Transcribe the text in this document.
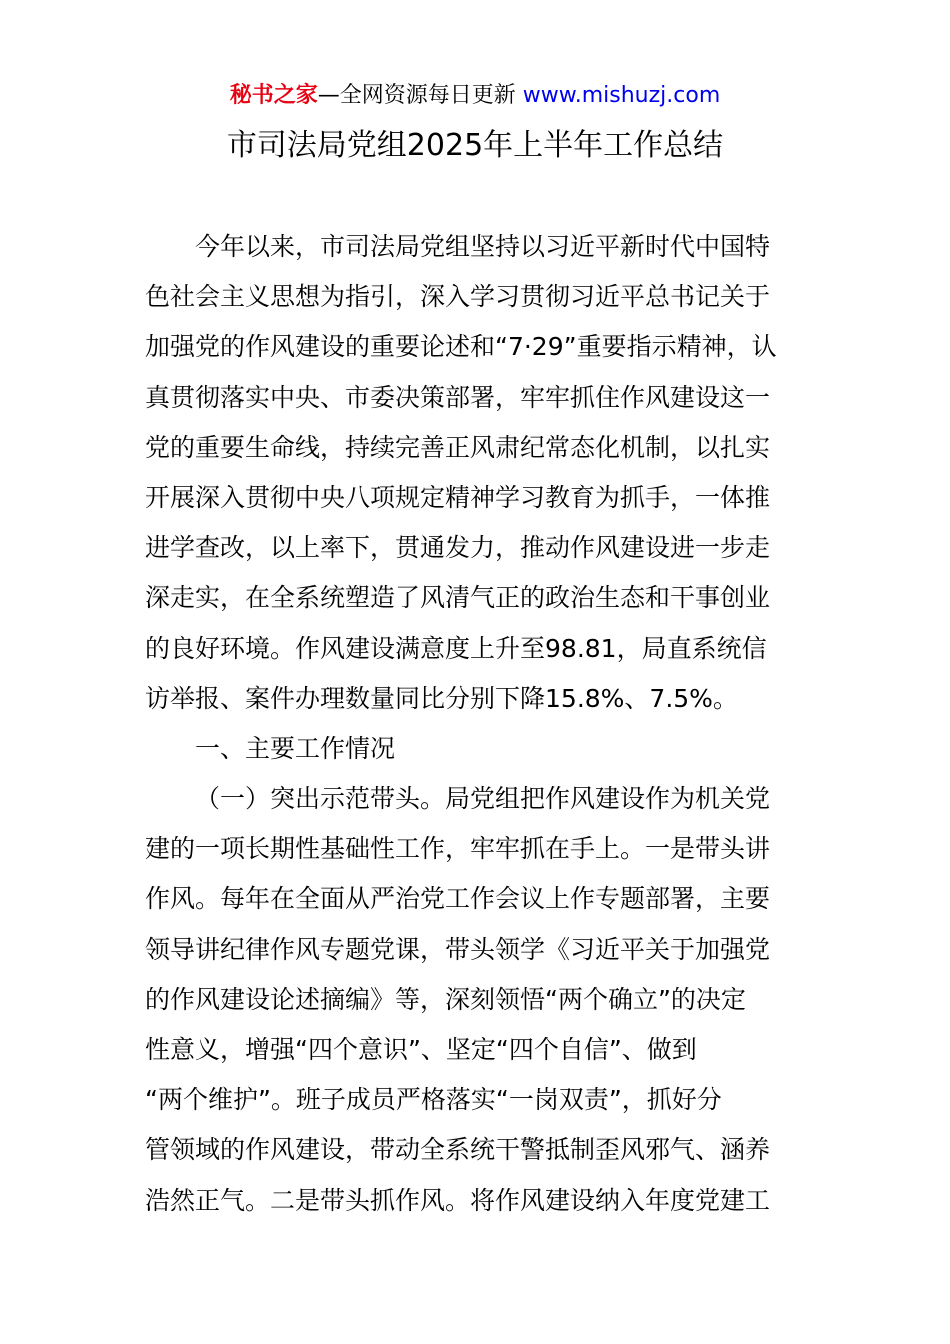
秘书之家—全网资源每日更新 www.mishuzj.com
市司法局党组2025年上半年工作总结
今年以来，市司法局党组坚持以习近平新时代中国特
色社会主义思想为指引，深入学习贯彻习近平总书记关于
加强党的作风建设的重要论述和“7·29”重要指示精神，认
真贯彻落实中央、市委决策部署，牢牢抓住作风建设这一
党的重要生命线，持续完善正风肃纪常态化机制，以扎实
开展深入贯彻中央八项规定精神学习教育为抓手，一体推
进学查改，以上率下，贯通发力，推动作风建设进一步走
深走实，在全系统塑造了风清气正的政治生态和干事创业
的良好环境。作风建设满意度上升至98.81，局直系统信
访举报、案件办理数量同比分别下降15.8%、7.5%。
一、主要工作情况
（一）突出示范带头。局党组把作风建设作为机关党
建的一项长期性基础性工作，牢牢抓在手上。一是带头讲
作风。每年在全面从严治党工作会议上作专题部署，主要
领导讲纪律作风专题党课，带头领学《习近平关于加强党
的作风建设论述摘编》等，深刻领悟“两个确立”的决定
性意义，增强“四个意识”、坚定“四个自信”、做到
“两个维护”。班子成员严格落实“一岗双责”，抓好分
管领域的作风建设，带动全系统干警抵制歪风邪气、涵养
浩然正气。二是带头抓作风。将作风建设纳入年度党建工
